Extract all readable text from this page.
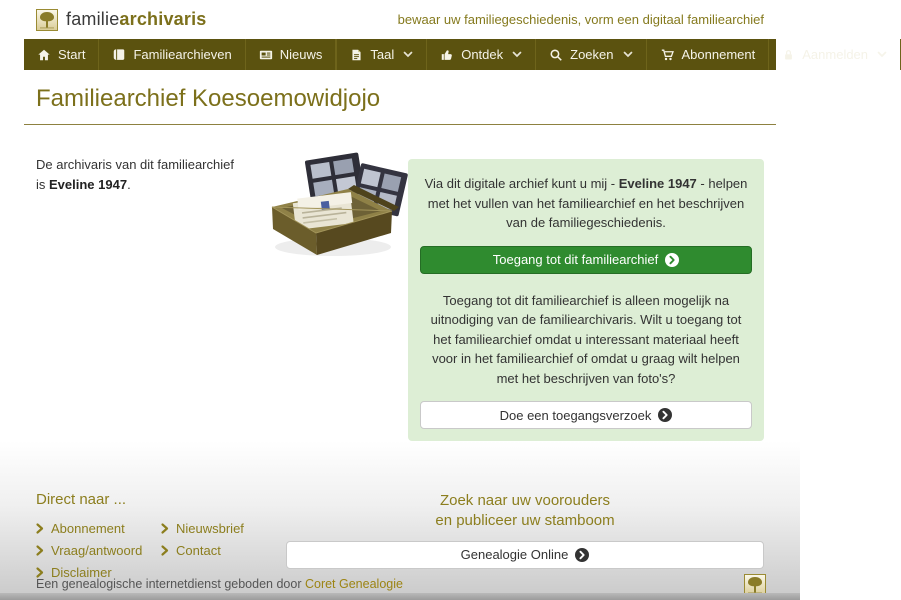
familiearchivaris	bewaar uw familiegeschiedenis, vorm een digitaal familiearchief
Start	Familiearchieven	Nieuws	Taal	Ontdek	Zoeken	Abonnement	Aanmelden
Familiearchief Koesoemowidjojo

De archivaris van dit familiearchief is Eveline 1947.	Via dit digitale archief kunt u mij - Eveline 1947 - helpen met het vullen van het familiearchief en het beschrijven van de familiegeschiedenis.

Toegang tot dit familiearchief

Toegang tot dit familiearchief is alleen mogelijk na uitnodiging van de familiearchivaris. Wilt u toegang tot het familiearchief omdat u interessant materiaal heeft voor in het familiearchief of omdat u graag wilt helpen met het beschrijven van foto's?

Doe een toegangsverzoek
Direct naar ...
Abonnement
Vraag/antwoord
Disclaimer
Nieuwsbrief
Contact
Zoek naar uw voorouders
en publiceer uw stamboom
Genealogie Online
Een genealogische internetdienst geboden door Coret Genealogie
